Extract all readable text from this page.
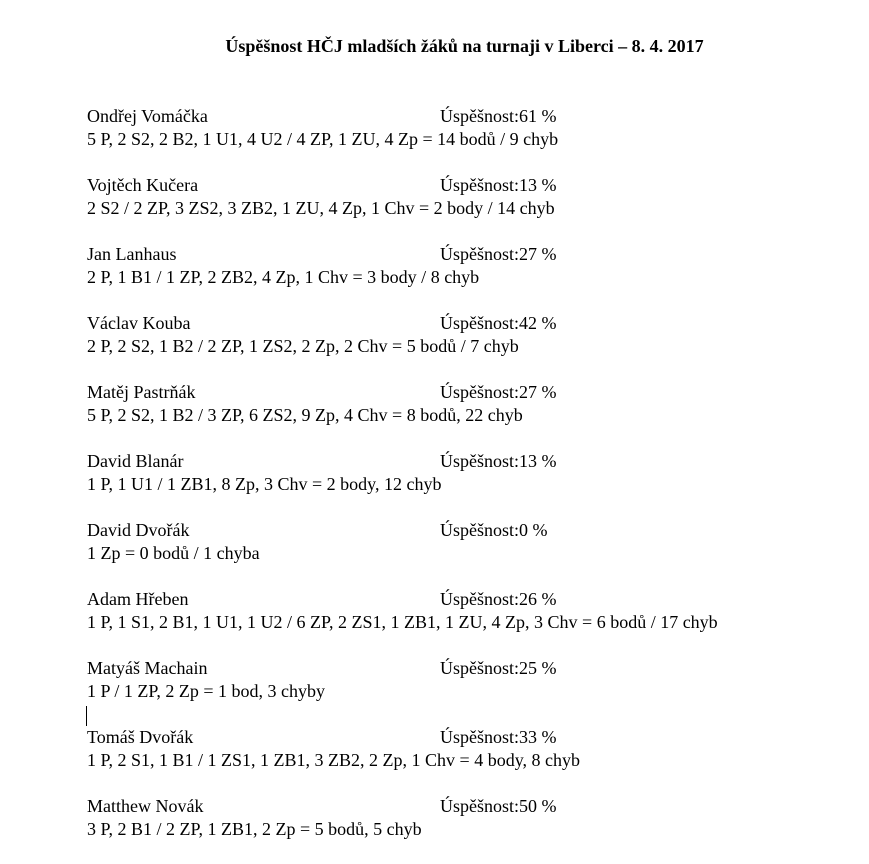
Úspěšnost HČJ mladších žáků na turnaji v Liberci – 8. 4. 2017
Ondřej Vomáčka	Úspěšnost: 61 %
5 P, 2 S2, 2 B2, 1 U1, 4 U2 / 4 ZP, 1 ZU, 4 Zp = 14 bodů / 9 chyb
Vojtěch Kučera	Úspěšnost: 13 %
2 S2 / 2 ZP, 3 ZS2, 3 ZB2, 1 ZU, 4 Zp, 1 Chv = 2 body / 14 chyb
Jan Lanhaus	Úspěšnost: 27 %
2 P, 1 B1 / 1 ZP, 2 ZB2, 4 Zp, 1 Chv = 3 body / 8 chyb
Václav Kouba	Úspěšnost: 42 %
2 P, 2 S2, 1 B2 / 2 ZP, 1 ZS2, 2 Zp, 2 Chv = 5 bodů / 7 chyb
Matěj Pastrňák	Úspěšnost: 27 %
5 P, 2 S2, 1 B2 / 3 ZP, 6 ZS2, 9 Zp, 4 Chv = 8 bodů, 22 chyb
David Blanár	Úspěšnost: 13 %
1 P, 1 U1 / 1 ZB1, 8 Zp, 3 Chv = 2 body, 12 chyb
David Dvořák	Úspěšnost: 0 %
1 Zp = 0 bodů / 1 chyba
Adam Hřeben	Úspěšnost: 26 %
1 P, 1 S1, 2 B1, 1 U1, 1 U2 / 6 ZP, 2 ZS1, 1 ZB1, 1 ZU, 4 Zp, 3 Chv = 6 bodů / 17 chyb
Matyáš Machain	Úspěšnost: 25 %
1 P / 1 ZP, 2 Zp = 1 bod, 3 chyby
Tomáš Dvořák	Úspěšnost: 33 %
1 P, 2 S1, 1 B1 / 1 ZS1, 1 ZB1, 3 ZB2, 2 Zp, 1 Chv = 4 body, 8 chyb
Matthew Novák	Úspěšnost: 50 %
3 P, 2 B1 / 2 ZP, 1 ZB1, 2 Zp = 5 bodů, 5 chyb
